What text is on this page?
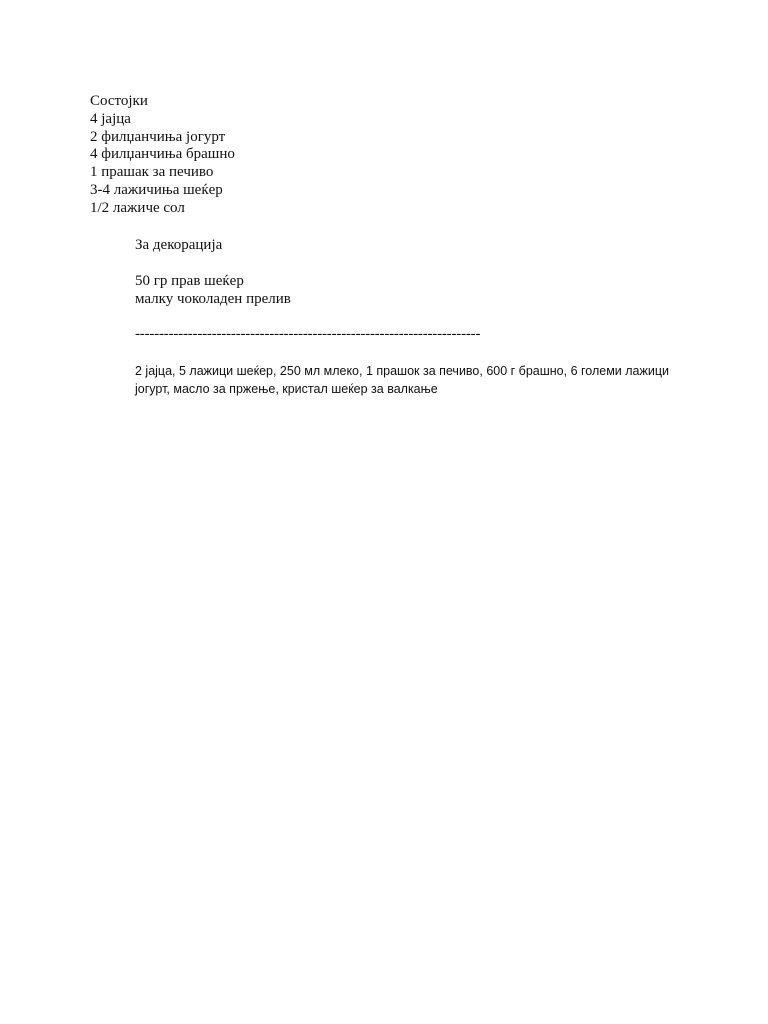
Состојки
4 јајца
2 филџанчиња јогурт
4 филџанчиња брашно
1 прашак за печиво
3-4 лажичиња шеќер
1/2 лажиче сол
За декорација
50 гр прав шеќер
малку чоколаден прелив
------------------------------------------------------------------------
2 јајца, 5 лажици шеќер, 250 мл млеко, 1 прашок за печиво, 600 г брашно, 6 големи лажици јогурт, масло за пржење, кристал шеќер за валкање
